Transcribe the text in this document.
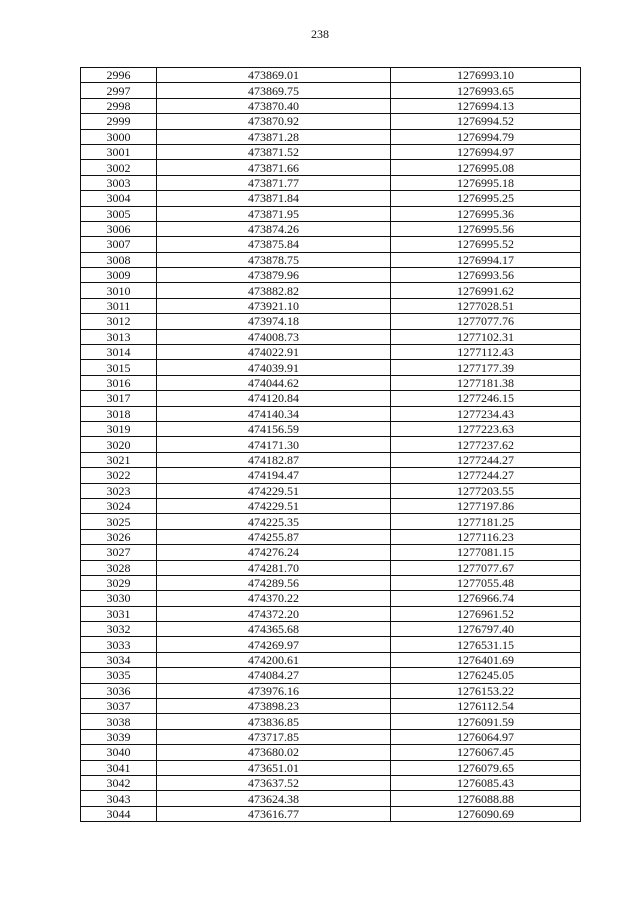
238
2996	473869.01	1276993.10
2997	473869.75	1276993.65
2998	473870.40	1276994.13
2999	473870.92	1276994.52
3000	473871.28	1276994.79
3001	473871.52	1276994.97
3002	473871.66	1276995.08
3003	473871.77	1276995.18
3004	473871.84	1276995.25
3005	473871.95	1276995.36
3006	473874.26	1276995.56
3007	473875.84	1276995.52
3008	473878.75	1276994.17
3009	473879.96	1276993.56
3010	473882.82	1276991.62
3011	473921.10	1277028.51
3012	473974.18	1277077.76
3013	474008.73	1277102.31
3014	474022.91	1277112.43
3015	474039.91	1277177.39
3016	474044.62	1277181.38
3017	474120.84	1277246.15
3018	474140.34	1277234.43
3019	474156.59	1277223.63
3020	474171.30	1277237.62
3021	474182.87	1277244.27
3022	474194.47	1277244.27
3023	474229.51	1277203.55
3024	474229.51	1277197.86
3025	474225.35	1277181.25
3026	474255.87	1277116.23
3027	474276.24	1277081.15
3028	474281.70	1277077.67
3029	474289.56	1277055.48
3030	474370.22	1276966.74
3031	474372.20	1276961.52
3032	474365.68	1276797.40
3033	474269.97	1276531.15
3034	474200.61	1276401.69
3035	474084.27	1276245.05
3036	473976.16	1276153.22
3037	473898.23	1276112.54
3038	473836.85	1276091.59
3039	473717.85	1276064.97
3040	473680.02	1276067.45
3041	473651.01	1276079.65
3042	473637.52	1276085.43
3043	473624.38	1276088.88
3044	473616.77	1276090.69
